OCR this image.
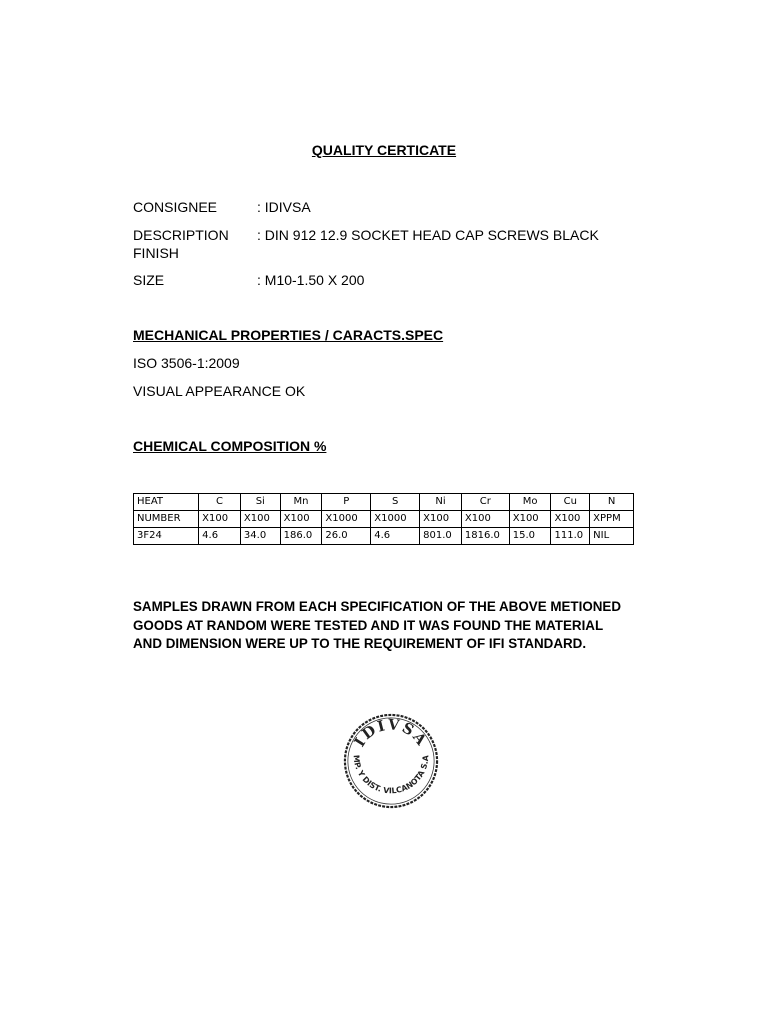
QUALITY CERTICATE
CONSIGNEE	: IDIVSA
DESCRIPTION : DIN 912 12.9 SOCKET HEAD CAP SCREWS BLACK
FINISH
SIZE	: M10-1.50 X 200
MECHANICAL PROPERTIES / CARACTS.SPEC
ISO 3506-1:2009
VISUAL APPEARANCE OK
CHEMICAL COMPOSITION %
HEAT	C	Si	Mn	P	S	Ni	Cr	Mo	Cu	N
NUMBER	X100	X100	X100	X1000	X1000	X100	X100	X100	X100	XPPM
3F24	4.6	34.0	186.0	26.0	4.6	801.0	1816.0	15.0	111.0	NIL
SAMPLES DRAWN FROM EACH SPECIFICATION OF THE ABOVE METIONED GOODS AT RANDOM WERE TESTED AND IT WAS FOUND THE MATERIAL AND DIMENSION WERE UP TO THE REQUIREMENT OF IFI STANDARD.
IDIVSA
MP. Y DIST. VILCANOTA S.A
